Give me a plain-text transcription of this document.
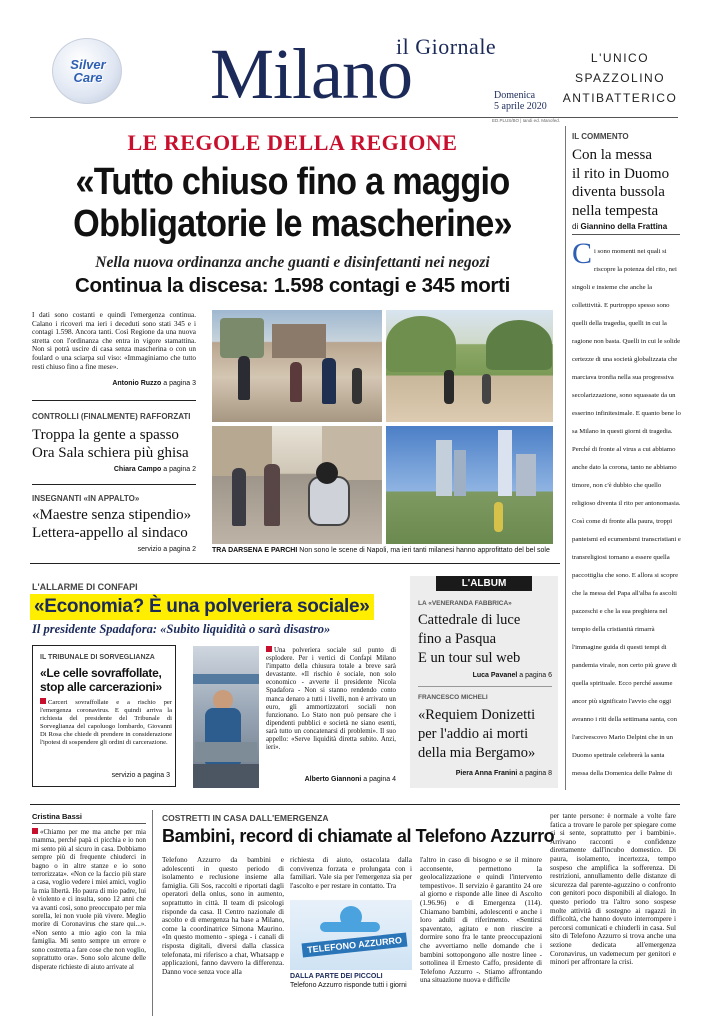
Silver Care
il Giornale
Milano	Domenica
5 aprile 2020
L'UNICO
SPAZZOLINO
ANTIBATTERICO
ED.PLUS/BO | Iandi ed. Manofed.
LE REGOLE DELLA REGIONE
«Tutto chiuso fino a maggio
Obbligatorie le mascherine»
Nella nuova ordinanza anche guanti e disinfettanti nei negozi
Continua la discesa: 1.598 contagi e 345 morti
I dati sono costanti e quindi l'emergenza continua. Calano i ricoveri ma ieri i deceduti sono stati 345 e i contagi 1.598. Ancora tanti. Così Regione da una nuova stretta con l'ordinanza che entra in vigore stamattina. Non si potrà uscire di casa senza mascherina o con un foulard o una sciarpa sul viso: «Immaginiamo che tutto resti chiuso fino a fine mese».
Antonio Ruzzo a pagina 3
CONTROLLI (FINALMENTE) RAFFORZATI
Troppa la gente a spasso
Ora Sala schiera più ghisa
Chiara Campo a pagina 2
INSEGNANTI «IN APPALTO»
«Maestre senza stipendio»
Lettera-appello al sindaco
servizio a pagina 2 TRA DARSENA E PARCHI Non sono le scene di Napoli, ma ieri tanti milanesi hanno approfittato del bel sole
L'ALLARME DI CONFAPI
«Economia? È una polveriera sociale»
Il presidente Spadafora: «Subito liquidità o sarà disastro»
IL TRIBUNALE DI SORVEGLIANZA
«Le celle sovraffollate, stop alle carcerazioni»
Carceri sovraffollate e a rischio per l'emergenza coronavirus. E quindi arriva la richiesta del presidente del Tribunale di Sorveglianza del capoluogo lombardo, Giovanni Di Rosa che chiede di prendere in considerazione l'ipotesi di sospendere gli ordini di carcerazione.
servizio a pagina 3
Una polveriera sociale sul punto di esplodere. Per i vertici di Confapi Milano l'impatto della chiusura totale a breve sarà devastante. «Il rischio è sociale, non solo economico - avverte il presidente Nicola Spadafora - Non si stanno rendendo conto manca denaro a tutti i livelli, non è arrivato un euro, gli ammortizzatori sociali non funzionano. Lo Stato non può pensare che i dipendenti pubblici e società ne siano esenti, sarà tutto un concatenarsi di problemi». Il suo appello: «Serve liquidità diretta subito. Anzi, ieri».
Alberto Giannoni a pagina 4
L'ALBUM
LA «VENERANDA FABBRICA»
Cattedrale di luce
fino a Pasqua
E un tour sul web
Luca Pavanel a pagina 6
FRANCESCO MICHELI
«Requiem Donizetti
per l'addio ai morti
della mia Bergamo»
Piera Anna Franini a pagina 8
IL COMMENTO
Con la messa
il rito in Duomo
diventa bussola
nella tempesta
di Giannino della Frattina
C i sono momenti nei quali si riscopre la potenza del rito, nei singoli e insieme che anche la collettività. E purtroppo spesso sono quelli della tragedia, quelli in cui la ragione non basta. Quelli in cui le solide certezze di una società globalizzata che marciava tronfia nella sua progressiva secolarizzazione, sono squassate da un esserino infinitesimale. E quanto bene lo sa Milano in questi giorni di tragedia. Perché di fronte al virus a cui abbiamo anche dato la corona, tanto ne abbiamo timore, non c'è dubbio che quello religioso diventa il rito per antonomasia. Così come di fronte alla paura, troppi panteismi ed ecumenismi transcristiani e transreligiosi tornano a essere quella paccottiglia che sono. E allora si scopre che la messa del Papa all'alba fa ascolti pazzeschi e che la sua preghiera nel tempio della cristianità rimarrà l'immagine guida di questi tempi di pandemia virale, non certo più grave di quella spirituale. Ecco perché assume ancor più significato l'avvio che oggi avranno i riti della settimana santa, con l'arcivescovo Mario Delpini che in un Duomo spettrale celebrerà la santa messa della Domenica delle Palme di
Cristina Bassi
«Chiamo per me ma anche per mia mamma, perché papà ci picchia e io non mi sento più al sicuro in casa. Dobbiamo sempre più di frequente chiuderci in bagno o in altre stanze e io sono terrorizzata». «Non ce la faccio più stare a casa, voglio vedere i miei amici, voglio la mia libertà. Ho paura di mio padre, lui è violento e ci insulta, sono 12 anni che va avanti così, sono preoccupato per mia sorella, lei non vuole più vivere. Meglio morire di Coronavirus che stare qui...». «Non sento a mio agio con la mia famiglia. Mi sento sempre un errore e sono costretta a fare cose che non voglio, soprattutto ora». Sono solo alcune delle disperate richieste di aiuto arrivate al
COSTRETTI IN CASA DALL'EMERGENZA
Bambini, record di chiamate al Telefono Azzurro
Telefono Azzurro da bambini e adolescenti in questo periodo di isolamento e reclusione insieme alla famiglia. Gli Sos, raccolti e riportati dagli operatori della onlus, sono in aumento, soprattutto in città. Il team di psicologi risponde da casa. Il Centro nazionale di ascolto e di emergenza ha base a Milano, come la coordinatrice Simona Maurino. «In questo momento - spiega - i canali di risposta digitali, diversi dalla classica telefonata, mi riferisco a chat, Whatsapp e applicazioni, fanno davvero la differenza. Danno voce senza voce alla
richiesta di aiuto, ostacolata dalla convivenza forzata e prolungata con i familiari. Vale sia per l'emergenza sia per l'ascolto e per restare in contatto. Tra
TELEFONO AZZURRO
DALLA PARTE DEI PICCOLI
Telefono Azzurro risponde tutti i giorni
l'altro in caso di bisogno e se il minore acconsente, permettono la geolocalizzazione e quindi l'intervento tempestivo». Il servizio è garantito 24 ore al giorno e risponde alle linee di Ascolto (1.96.96) e di Emergenza (114). Chiamano bambini, adolescenti e anche i loro adulti di riferimento. «Sentirsi spaventato, agitato e non riuscire a dormire sono fra le tante preoccupazioni che avvertiamo nelle domande che i bambini sottopongono alle nostre linee - sottolinea il Ernesto Caffo, presidente di Telefono Azzurro -. Stiamo affrontando una situazione nuova e difficile
per tante persone: è normale a volte fare fatica a trovare le parole per spiegare come ci si sente, soprattutto per i bambini». Arrivano racconti e confidenze direttamente dall'incubo domestico. Di paura, isolamento, incertezza, tempo sospeso che amplifica la sofferenza. Di restrizioni, annullamento delle distanze di sicurezza dal parente-aguzzino o confronto con genitori poco disponibili al dialogo. In questo periodo tra l'altro sono sospese molte attività di sostegno ai ragazzi in difficoltà, che hanno dovuto interrompere i percorsi comunicati e chiuderli in casa. Sul sito di Telefono Azzurro si trova anche una sezione dedicata all'emergenza Coronavirus, un vademecum per genitori e minori per affrontare la crisi.
